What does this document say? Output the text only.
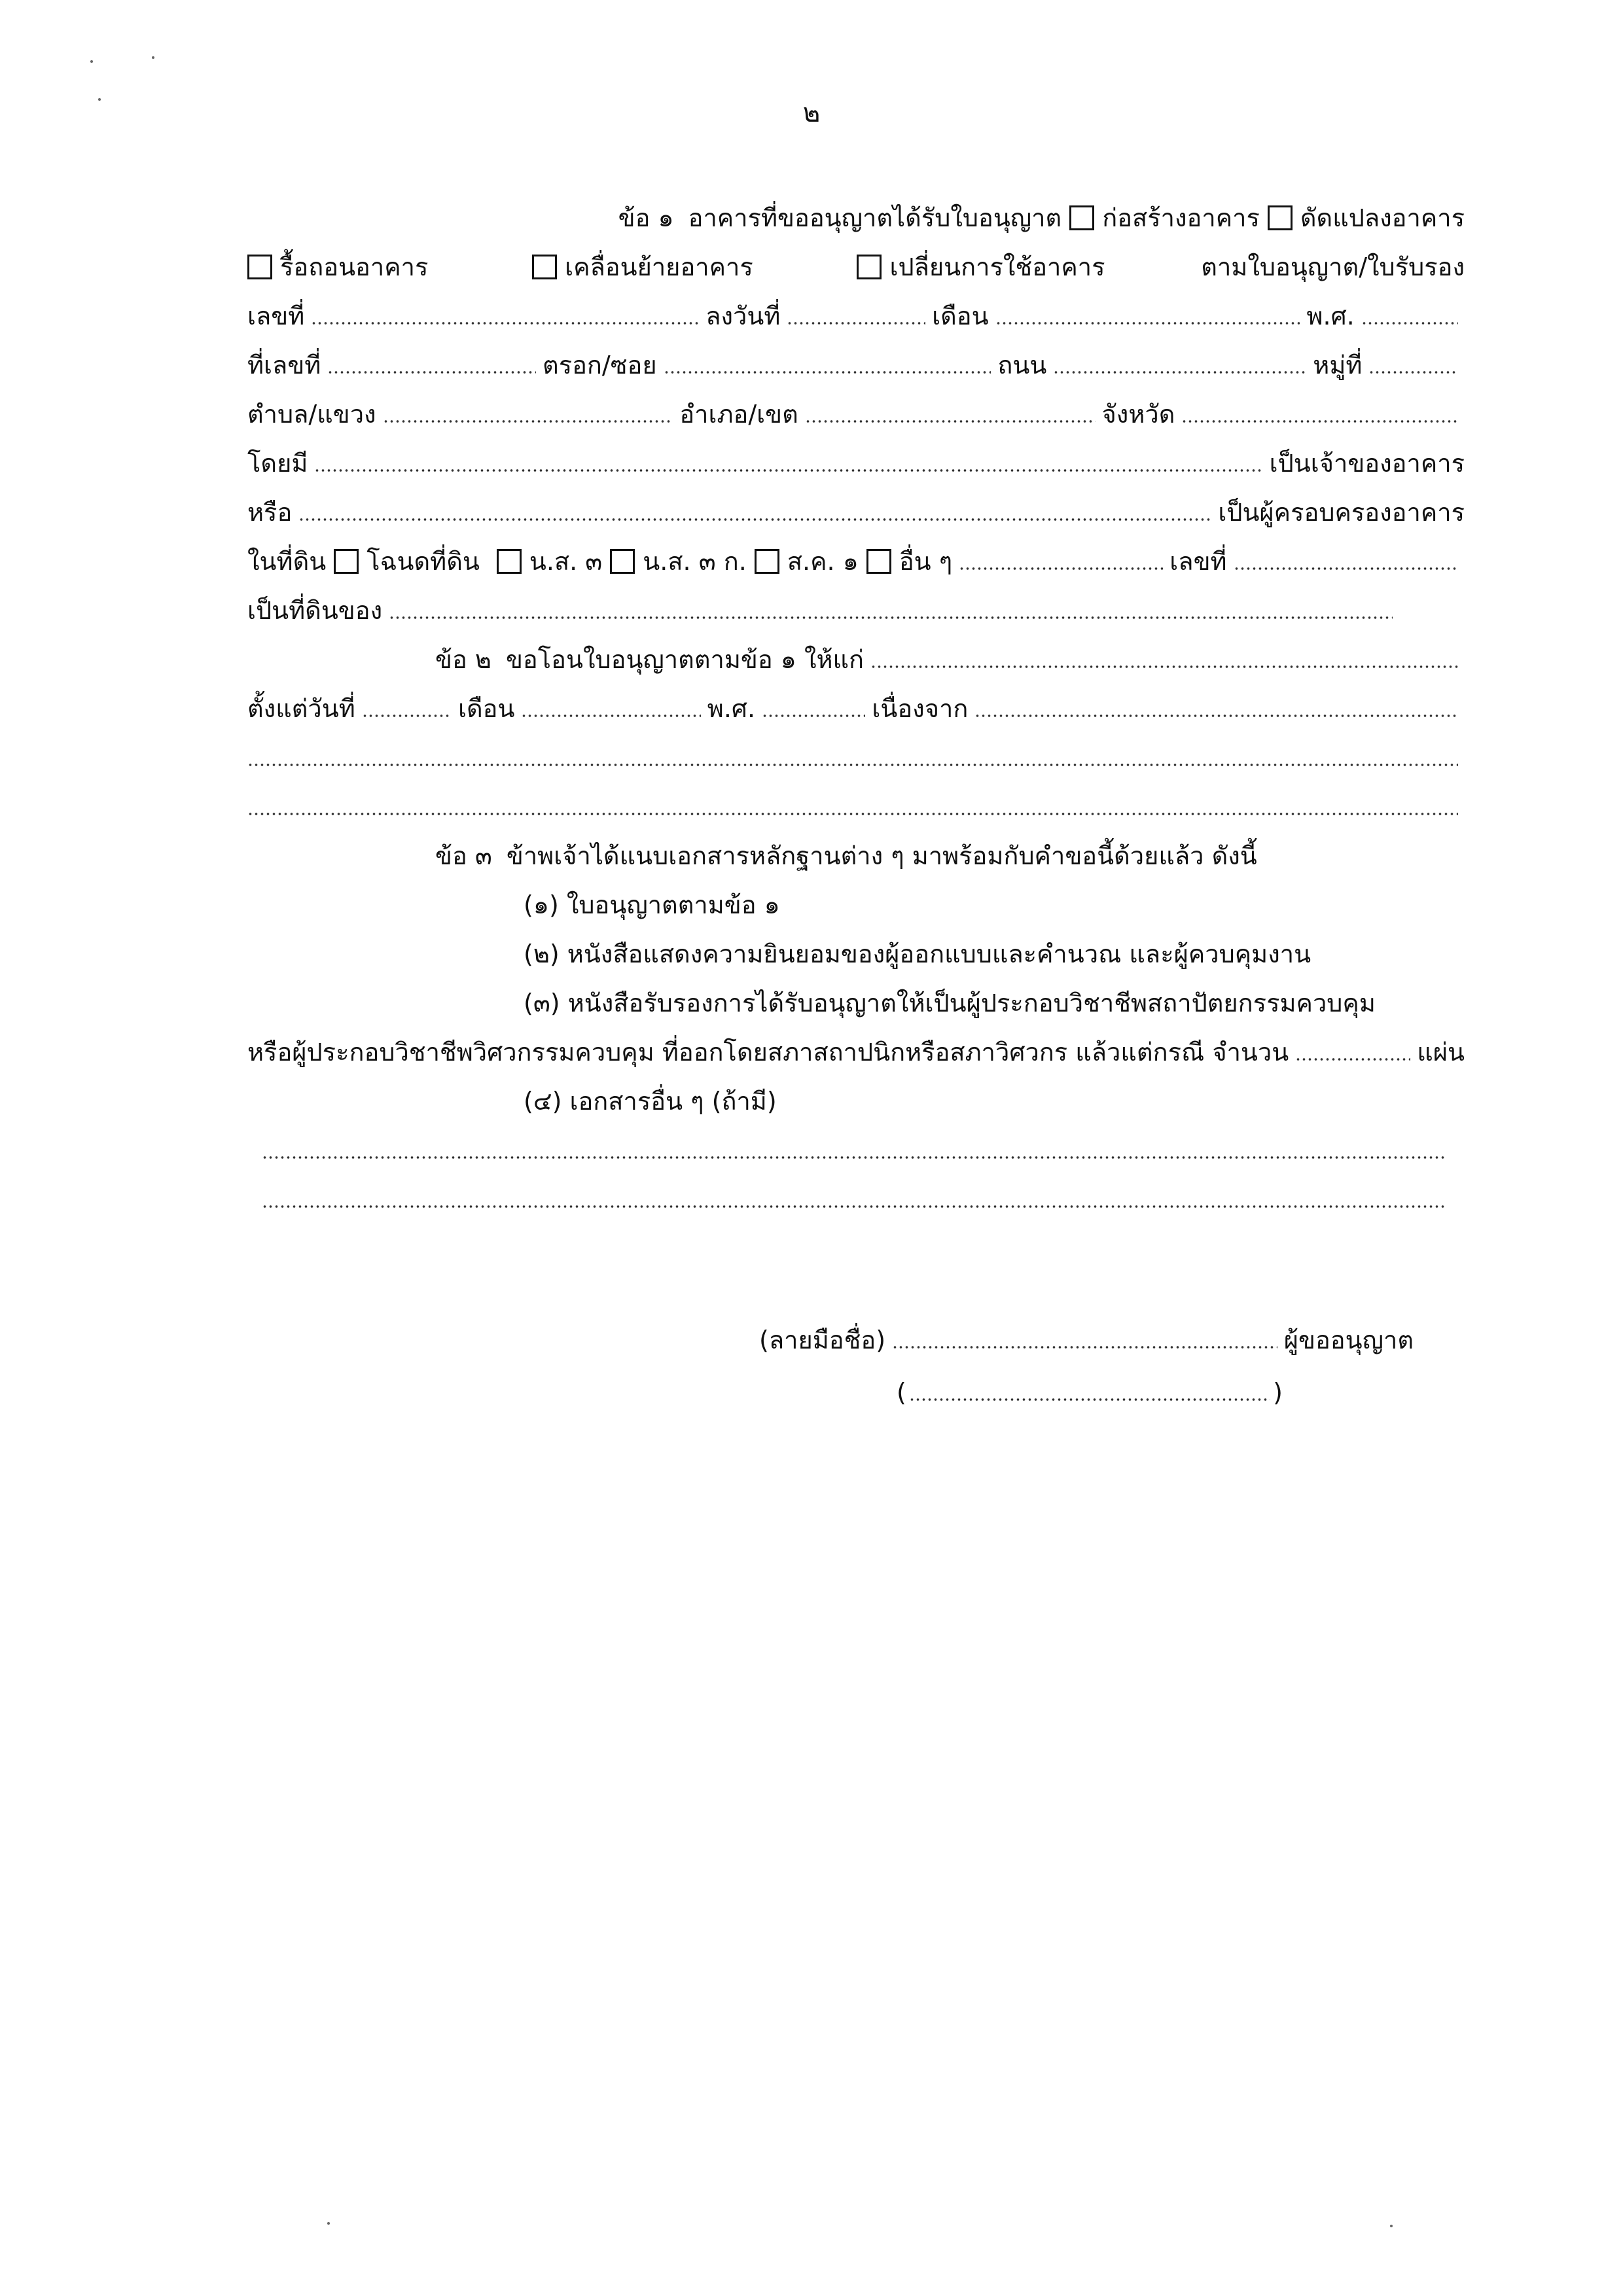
๒
ข้อ ๑ อาคารที่ขออนุญาตได้รับใบอนุญาต ก่อสร้างอาคาร ดัดแปลงอาคาร
รื้อถอนอาคาร	เคลื่อนย้ายอาคาร	เปลี่ยนการใช้อาคาร	ตามใบอนุญาต/ใบรับรอง
เลขที่	ลงวันที่	เดือน	พ.ศ.
ที่เลขที่	ตรอก/ซอย	ถนน	หมู่ที่
ตำบล/แขวง	อำเภอ/เขต	จังหวัด
โดยมี	เป็นเจ้าของอาคาร
หรือ	เป็นผู้ครอบครองอาคาร
ในที่ดิน โฉนดที่ดิน น.ส. ๓ น.ส. ๓ ก. ส.ค. ๑ อื่น ๆ	เลขที่
เป็นที่ดินของ
ข้อ ๒ ขอโอนใบอนุญาตตามข้อ ๑ ให้แก่
ตั้งแต่วันที่	เดือน	พ.ศ.	เนื่องจาก
ข้อ ๓ ข้าพเจ้าได้แนบเอกสารหลักฐานต่าง ๆ มาพร้อมกับคำขอนี้ด้วยแล้ว ดังนี้
(๑) ใบอนุญาตตามข้อ ๑
(๒) หนังสือแสดงความยินยอมของผู้ออกแบบและคำนวณ และผู้ควบคุมงาน
(๓) หนังสือรับรองการได้รับอนุญาตให้เป็นผู้ประกอบวิชาชีพสถาปัตยกรรมควบคุม
หรือผู้ประกอบวิชาชีพวิศวกรรมควบคุม ที่ออกโดยสภาสถาปนิกหรือสภาวิศวกร แล้วแต่กรณี จำนวน	แผ่น
(๔) เอกสารอื่น ๆ (ถ้ามี)
(ลายมือชื่อ)	ผู้ขออนุญาต
(	)
